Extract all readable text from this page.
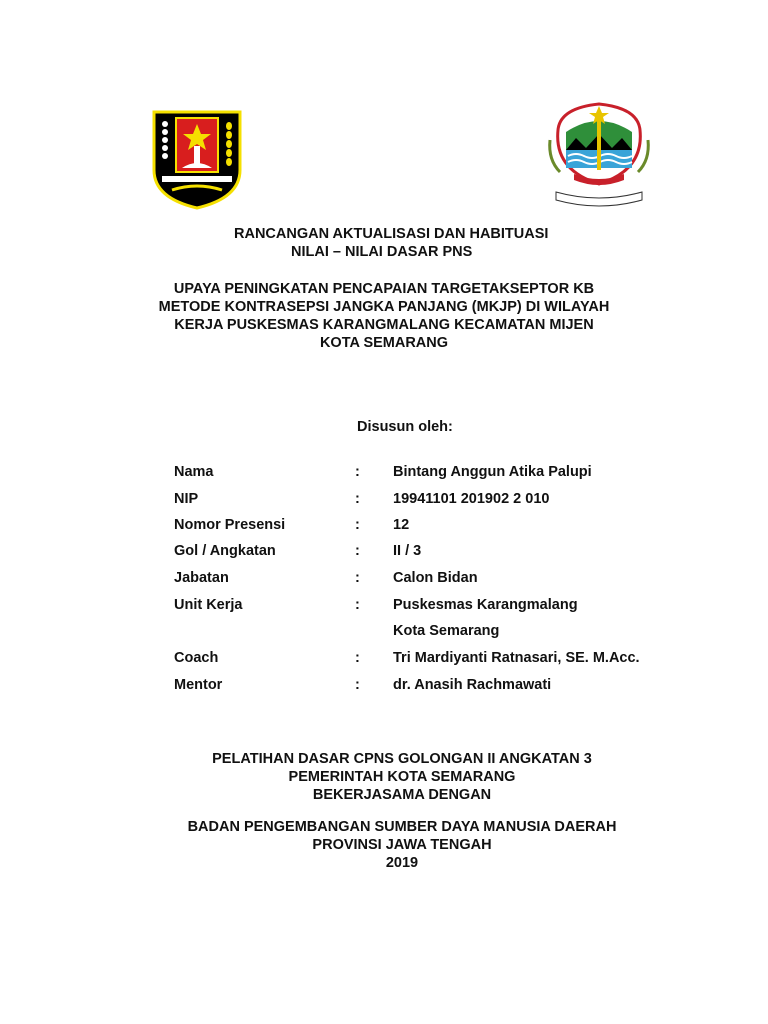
RANCANGAN AKTUALISASI DAN HABITUASI
NILAI – NILAI DASAR PNS
UPAYA PENINGKATAN PENCAPAIAN TARGETAKSEPTOR KB
METODE KONTRASEPSI JANGKA PANJANG (MKJP) DI WILAYAH
KERJA PUSKESMAS KARANGMALANG KECAMATAN MIJEN
KOTA SEMARANG
Disusun oleh:
Nama	: Bintang Anggun Atika Palupi
NIP	: 19941101 201902 2 010
Nomor Presensi	: 12
Gol / Angkatan	: II / 3
Jabatan	: Calon Bidan
Unit Kerja	: Puskesmas Karangmalang
Kota Semarang
Coach	: Tri Mardiyanti Ratnasari, SE. M.Acc.
Mentor	: dr. Anasih Rachmawati
PELATIHAN DASAR CPNS GOLONGAN II ANGKATAN 3
PEMERINTAH KOTA SEMARANG
BEKERJASAMA DENGAN
BADAN PENGEMBANGAN SUMBER DAYA MANUSIA DAERAH
PROVINSI JAWA TENGAH
2019
